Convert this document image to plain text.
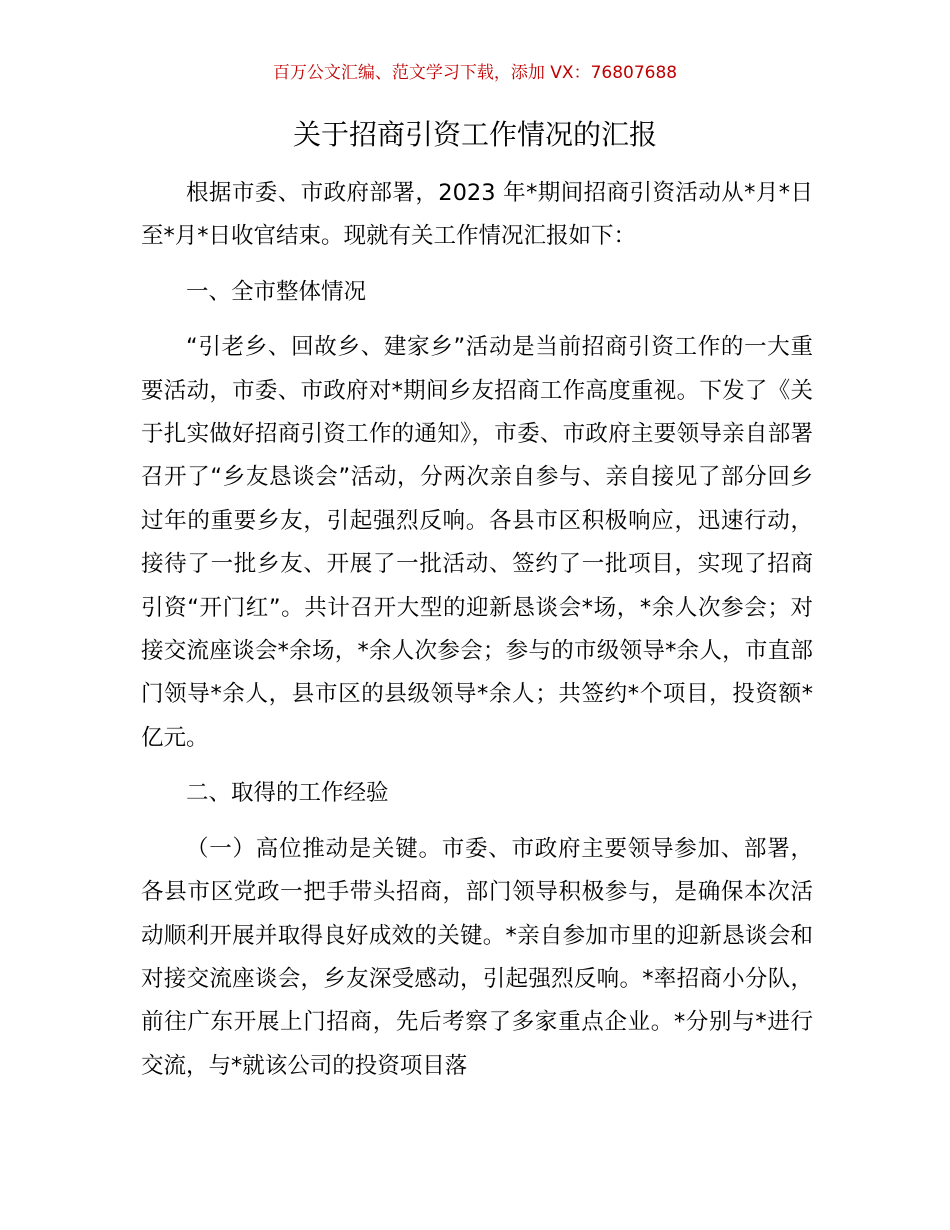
百万公文汇编、范文学习下载，添加 VX：76807688
关于招商引资工作情况的汇报

根据市委、市政府部署，2023 年*期间招商引资活动从*月*日至*月*日收官结束。现就有关工作情况汇报如下：

一、全市整体情况

“引老乡、回故乡、建家乡”活动是当前招商引资工作的一大重要活动，市委、市政府对*期间乡友招商工作高度重视。下发了《关于扎实做好招商引资工作的通知》，市委、市政府主要领导亲自部署召开了“乡友恳谈会”活动，分两次亲自参与、亲自接见了部分回乡过年的重要乡友，引起强烈反响。各县市区积极响应，迅速行动，接待了一批乡友、开展了一批活动、签约了一批项目，实现了招商引资“开门红”。共计召开大型的迎新恳谈会*场，*余人次参会；对接交流座谈会*余场，*余人次参会；参与的市级领导*余人，市直部门领导*余人，县市区的县级领导*余人；共签约*个项目，投资额*亿元。

二、取得的工作经验

（一）高位推动是关键。市委、市政府主要领导参加、部署，各县市区党政一把手带头招商，部门领导积极参与，是确保本次活动顺利开展并取得良好成效的关键。*亲自参加市里的迎新恳谈会和对接交流座谈会，乡友深受感动，引起强烈反响。*率招商小分队，前往广东开展上门招商，先后考察了多家重点企业。*分别与*进行交流，与*就该公司的投资项目落
